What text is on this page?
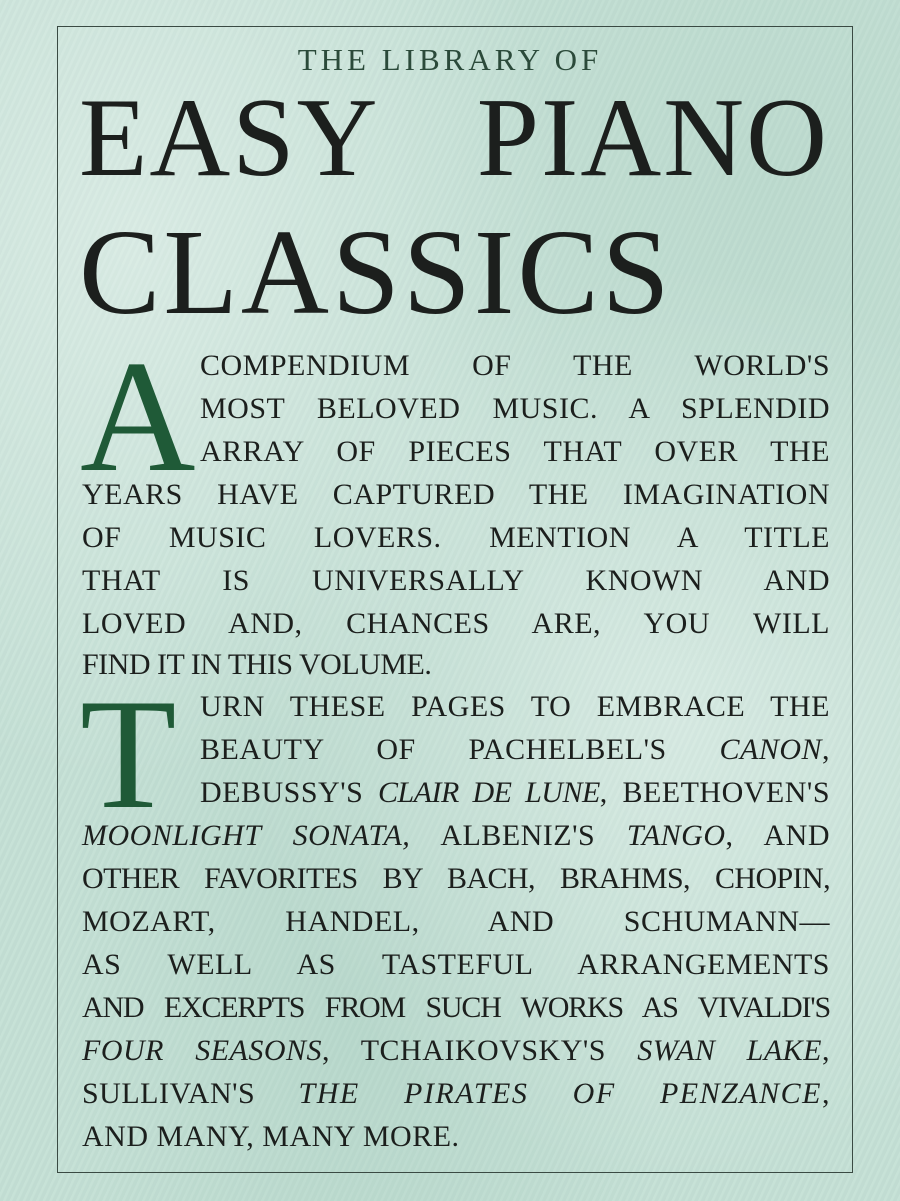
THE LIBRARY OF
EASY PIANO
CLASSICS
A COMPENDIUM OF THE WORLD'S
MOST BELOVED MUSIC. A SPLENDID
ARRAY OF PIECES THAT OVER THE
YEARS HAVE CAPTURED THE IMAGINATION
OF MUSIC LOVERS. MENTION A TITLE
THAT IS UNIVERSALLY KNOWN AND
LOVED AND, CHANCES ARE, YOU WILL
FIND IT IN THIS VOLUME.
T URN THESE PAGES TO EMBRACE THE
BEAUTY OF PACHELBEL'S CANON,
DEBUSSY'S CLAIR DE LUNE, BEETHOVEN'S
MOONLIGHT SONATA, ALBENIZ'S TANGO, AND
OTHER FAVORITES BY BACH, BRAHMS, CHOPIN,
MOZART, HANDEL, AND SCHUMANN—
AS WELL AS TASTEFUL ARRANGEMENTS
AND EXCERPTS FROM SUCH WORKS AS VIVALDI'S
FOUR SEASONS, TCHAIKOVSKY'S SWAN LAKE,
SULLIVAN'S THE PIRATES OF PENZANCE,
AND MANY, MANY MORE.
